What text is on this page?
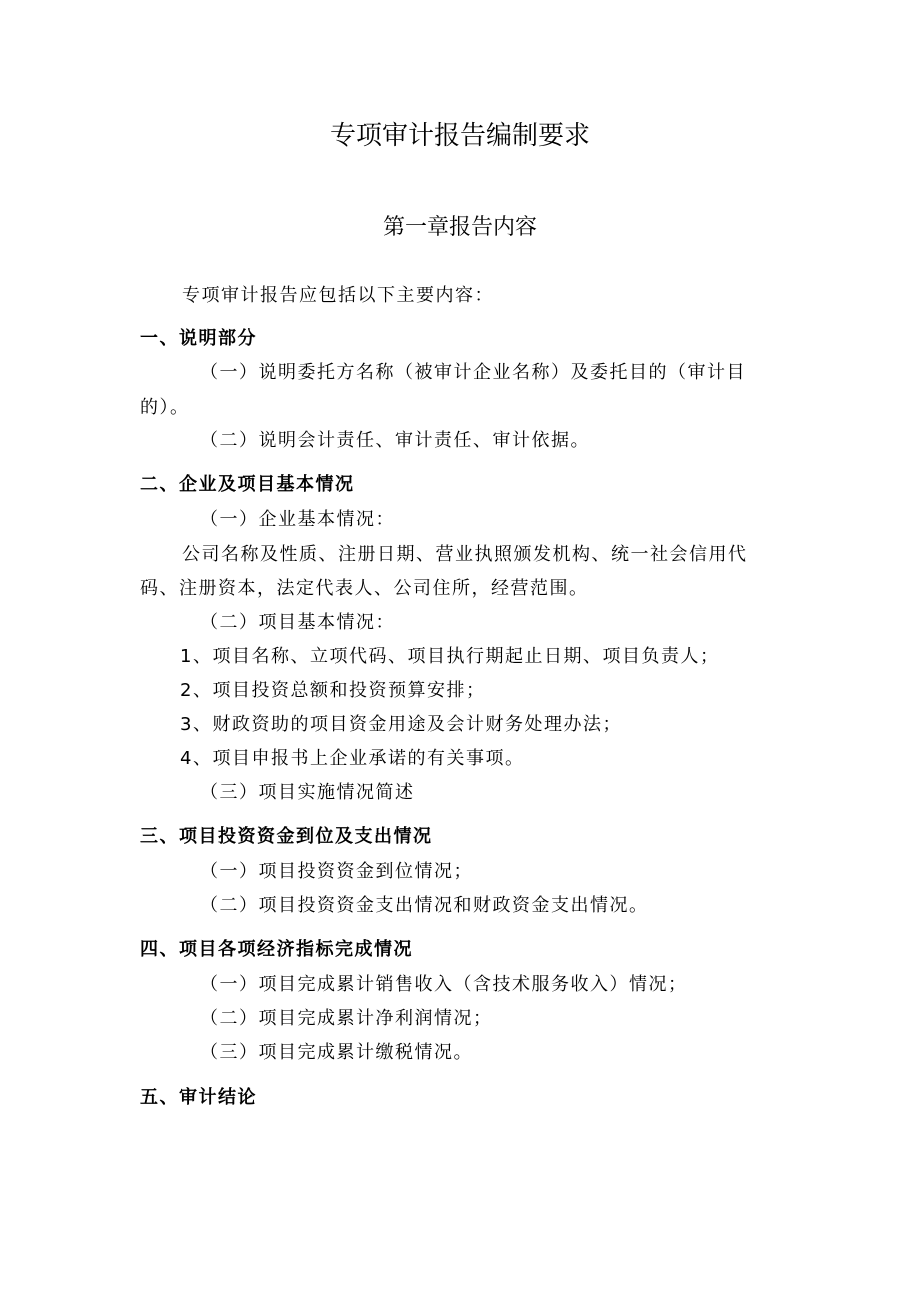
专项审计报告编制要求
第一章报告内容
专项审计报告应包括以下主要内容：
一、说明部分
（一）说明委托方名称（被审计企业名称）及委托目的（审计目
的）。
（二）说明会计责任、审计责任、审计依据。
二、企业及项目基本情况
（一）企业基本情况：
公司名称及性质、注册日期、营业执照颁发机构、统一社会信用代
码、注册资本，法定代表人、公司住所，经营范围。
（二）项目基本情况：
1、项目名称、立项代码、项目执行期起止日期、项目负责人；
2、项目投资总额和投资预算安排；
3、财政资助的项目资金用途及会计财务处理办法；
4、项目申报书上企业承诺的有关事项。
（三）项目实施情况简述
三、项目投资资金到位及支出情况
（一）项目投资资金到位情况；
（二）项目投资资金支出情况和财政资金支出情况。
四、项目各项经济指标完成情况
（一）项目完成累计销售收入（含技术服务收入）情况；
（二）项目完成累计净利润情况；
（三）项目完成累计缴税情况。
五、审计结论
